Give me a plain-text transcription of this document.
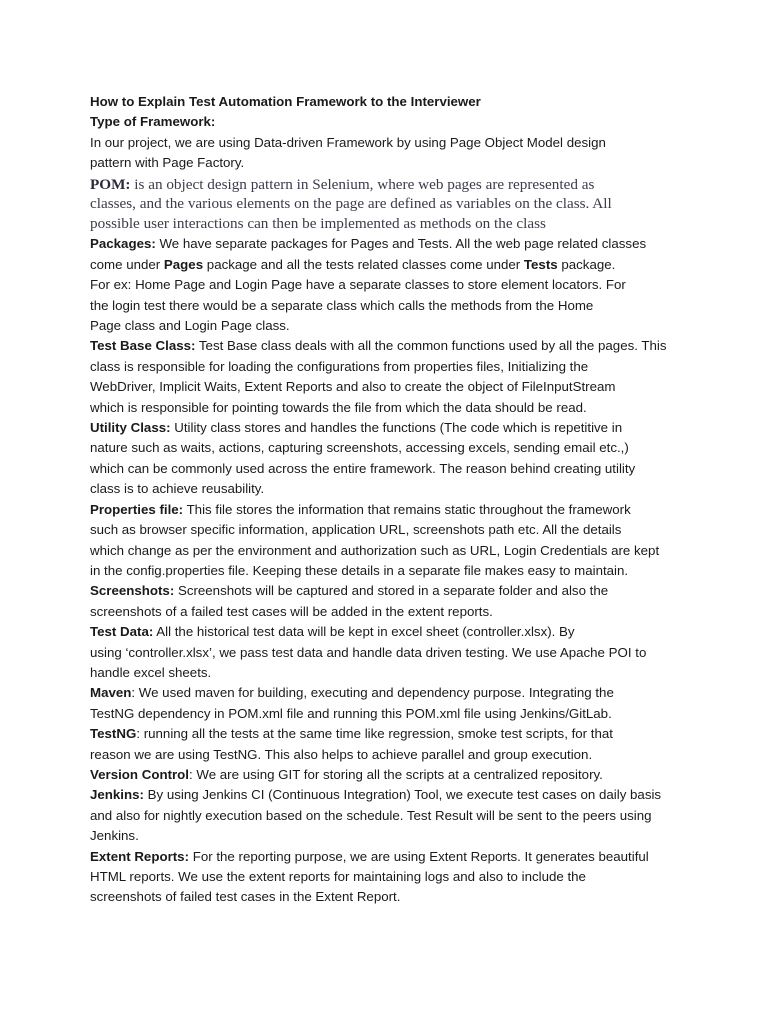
How to Explain Test Automation Framework to the Interviewer

Type of Framework:

In our project, we are using Data-driven Framework by using Page Object Model design
pattern with Page Factory.

POM: is an object design pattern in Selenium, where web pages are represented as
classes, and the various elements on the page are defined as variables on the class. All
possible user interactions can then be implemented as methods on the class

Packages: We have separate packages for Pages and Tests. All the web page related classes
come under Pages package and all the tests related classes come under Tests package.

For ex: Home Page and Login Page have a separate classes to store element locators. For
the login test there would be a separate class which calls the methods from the Home
Page class and Login Page class.

Test Base Class: Test Base class deals with all the common functions used by all the pages. This
class is responsible for loading the configurations from properties files, Initializing the
WebDriver, Implicit Waits, Extent Reports and also to create the object of FileInputStream
which is responsible for pointing towards the file from which the data should be read.

Utility Class: Utility class stores and handles the functions (The code which is repetitive in
nature such as waits, actions, capturing screenshots, accessing excels, sending email etc.,)
which can be commonly used across the entire framework. The reason behind creating utility
class is to achieve reusability.

Properties file: This file stores the information that remains static throughout the framework
such as browser specific information, application URL, screenshots path etc. All the details
which change as per the environment and authorization such as URL, Login Credentials are kept
in the config.properties file. Keeping these details in a separate file makes easy to maintain.

Screenshots: Screenshots will be captured and stored in a separate folder and also the
screenshots of a failed test cases will be added in the extent reports.

Test Data: All the historical test data will be kept in excel sheet (controller.xlsx). By
using ‘controller.xlsx’, we pass test data and handle data driven testing. We use Apache POI to
handle excel sheets.

Maven: We used maven for building, executing and dependency purpose. Integrating the
TestNG dependency in POM.xml file and running this POM.xml file using Jenkins/GitLab.

TestNG: running all the tests at the same time like regression, smoke test scripts, for that
reason we are using TestNG. This also helps to achieve parallel and group execution.

Version Control: We are using GIT for storing all the scripts at a centralized repository.

Jenkins: By using Jenkins CI (Continuous Integration) Tool, we execute test cases on daily basis
and also for nightly execution based on the schedule. Test Result will be sent to the peers using
Jenkins.

Extent Reports: For the reporting purpose, we are using Extent Reports. It generates beautiful
HTML reports. We use the extent reports for maintaining logs and also to include the
screenshots of failed test cases in the Extent Report.
